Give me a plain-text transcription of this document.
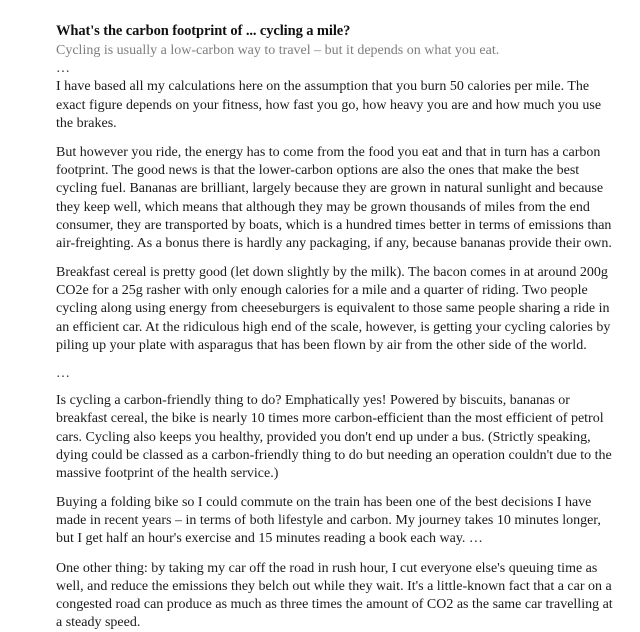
What's the carbon footprint of ... cycling a mile?
Cycling is usually a low-carbon way to travel – but it depends on what you eat.
…

I have based all my calculations here on the assumption that you burn 50 calories per mile. The exact figure depends on your fitness, how fast you go, how heavy you are and how much you use the brakes.

But however you ride, the energy has to come from the food you eat and that in turn has a carbon footprint. The good news is that the lower-carbon options are also the ones that make the best cycling fuel. Bananas are brilliant, largely because they are grown in natural sunlight and because they keep well, which means that although they may be grown thousands of miles from the end consumer, they are transported by boats, which is a hundred times better in terms of emissions than air-freighting. As a bonus there is hardly any packaging, if any, because bananas provide their own.

Breakfast cereal is pretty good (let down slightly by the milk). The bacon comes in at around 200g CO2e for a 25g rasher with only enough calories for a mile and a quarter of riding. Two people cycling along using energy from cheeseburgers is equivalent to those same people sharing a ride in an efficient car. At the ridiculous high end of the scale, however, is getting your cycling calories by piling up your plate with asparagus that has been flown by air from the other side of the world.

…

Is cycling a carbon-friendly thing to do? Emphatically yes! Powered by biscuits, bananas or breakfast cereal, the bike is nearly 10 times more carbon-efficient than the most efficient of petrol cars. Cycling also keeps you healthy, provided you don't end up under a bus. (Strictly speaking, dying could be classed as a carbon-friendly thing to do but needing an operation couldn't due to the massive footprint of the health service.)

Buying a folding bike so I could commute on the train has been one of the best decisions I have made in recent years – in terms of both lifestyle and carbon. My journey takes 10 minutes longer, but I get half an hour's exercise and 15 minutes reading a book each way. …

One other thing: by taking my car off the road in rush hour, I cut everyone else's queuing time as well, and reduce the emissions they belch out while they wait. It's a little-known fact that a car on a congested road can produce as much as three times the amount of CO2 as the same car travelling at a steady speed.
